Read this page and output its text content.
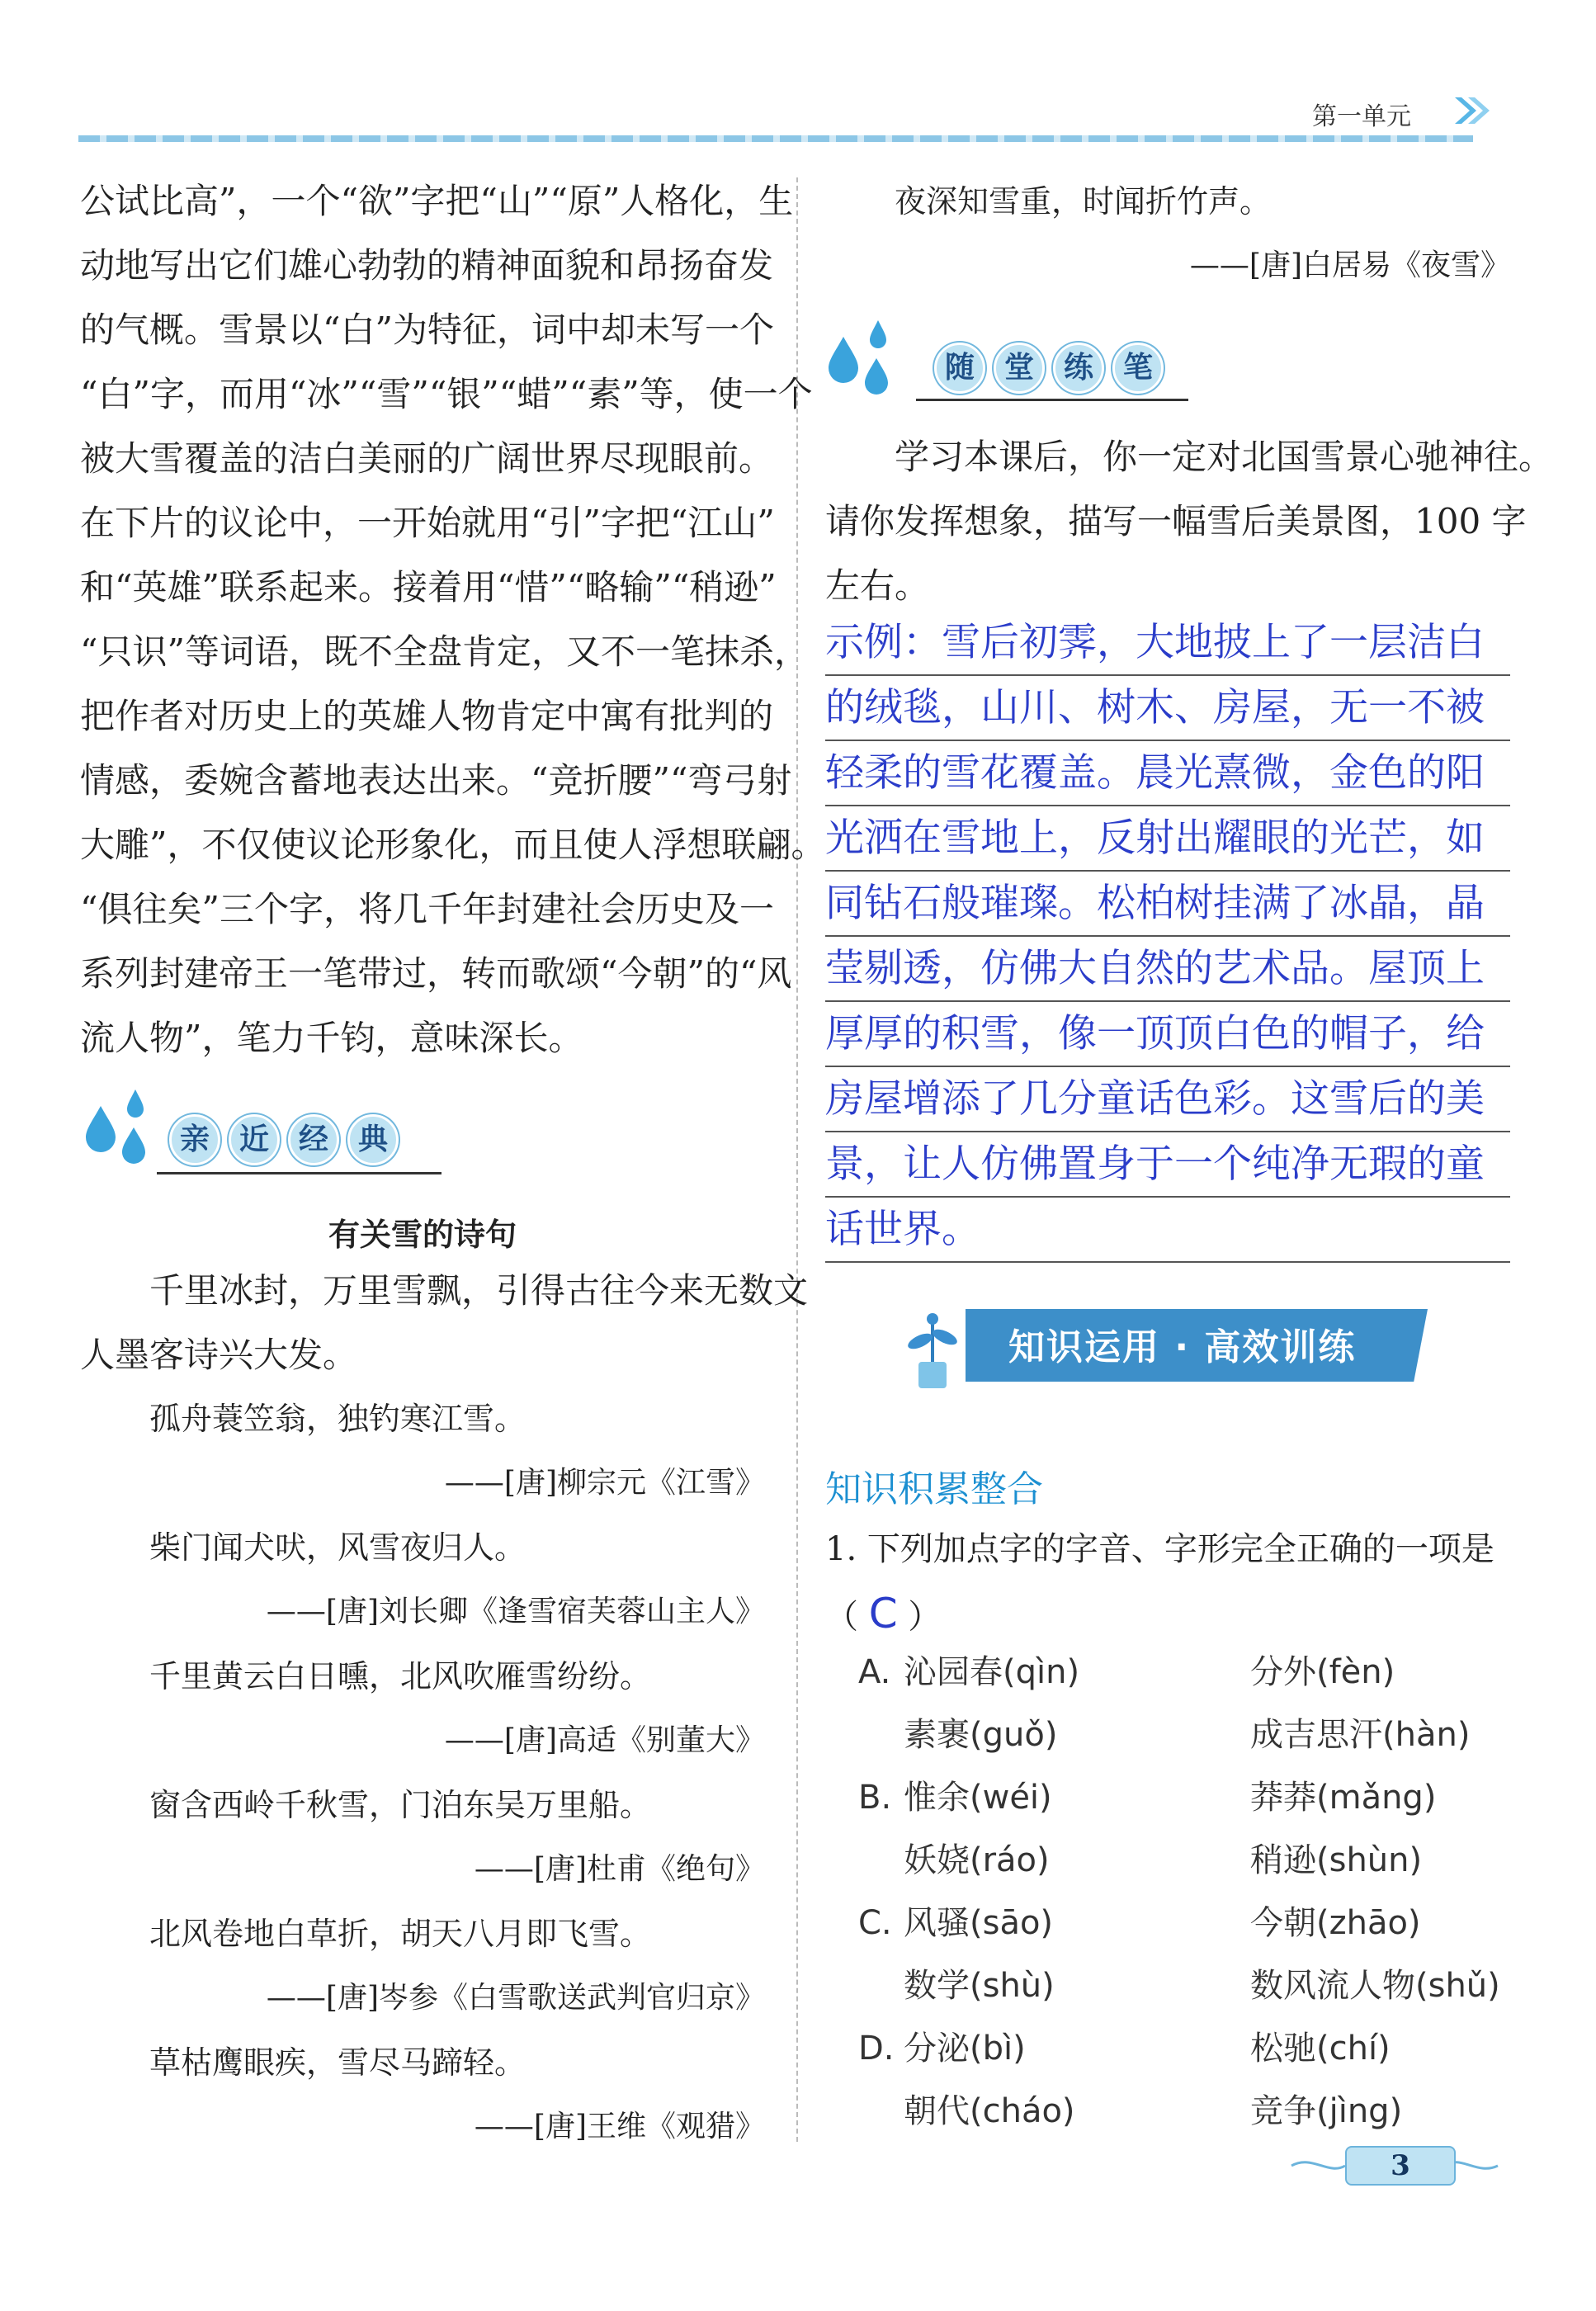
第一单元
公试比高”，一个“欲”字把“山”“原”人格化，生
动地写出它们雄心勃勃的精神面貌和昂扬奋发
的气概。雪景以“白”为特征，词中却未写一个
“白”字，而用“冰”“雪”“银”“蜡”“素”等，使一个
被大雪覆盖的洁白美丽的广阔世界尽现眼前。
在下片的议论中，一开始就用“引”字把“江山”
和“英雄”联系起来。接着用“惜”“略输”“稍逊”
“只识”等词语，既不全盘肯定，又不一笔抹杀，
把作者对历史上的英雄人物肯定中寓有批判的
情感，委婉含蓄地表达出来。“竞折腰”“弯弓射
大雕”，不仅使议论形象化，而且使人浮想联翩。
“俱往矣”三个字，将几千年封建社会历史及一
系列封建帝王一笔带过，转而歌颂“今朝”的“风
流人物”，笔力千钧，意味深长。
亲 近 经 典
有关雪的诗句
千里冰封，万里雪飘，引得古往今来无数文
人墨客诗兴大发。
孤舟蓑笠翁，独钓寒江雪。
——[唐]柳宗元《江雪》
柴门闻犬吠，风雪夜归人。
——[唐]刘长卿《逢雪宿芙蓉山主人》
千里黄云白日曛，北风吹雁雪纷纷。
——[唐]高适《别董大》
窗含西岭千秋雪，门泊东吴万里船。
——[唐]杜甫《绝句》
北风卷地白草折，胡天八月即飞雪。
——[唐]岑参《白雪歌送武判官归京》
草枯鹰眼疾，雪尽马蹄轻。
——[唐]王维《观猎》
夜深知雪重，时闻折竹声。
——[唐]白居易《夜雪》
随 堂 练 笔
学习本课后，你一定对北国雪景心驰神往。
请你发挥想象，描写一幅雪后美景图，100 字
左右。
示例：雪后初霁，大地披上了一层洁白
的绒毯，山川、树木、房屋，无一不被
轻柔的雪花覆盖。晨光熹微，金色的阳
光洒在雪地上，反射出耀眼的光芒，如
同钻石般璀璨。松柏树挂满了冰晶，晶
莹剔透，仿佛大自然的艺术品。屋顶上
厚厚的积雪，像一顶顶白色的帽子，给
房屋增添了几分童话色彩。这雪后的美
景，让人仿佛置身于一个纯净无瑕的童
话世界。
知识运用 · 高效训练
知识积累整合
1. 下列加点字的字音、字形完全正确的一项是
（ C ）
A. 沁园春(qìn)	分外(fèn)
素裹(guǒ)	成吉思汗(hàn)
B. 惟余(wéi)	莽莽(mǎng)
妖娆(ráo)	稍逊(shùn)
C. 风骚(sāo)	今朝(zhāo)
数学(shù)	数风流人物(shǔ)
D. 分泌(bì)	松驰(chí)
朝代(cháo)	竞争(jìng)
3
